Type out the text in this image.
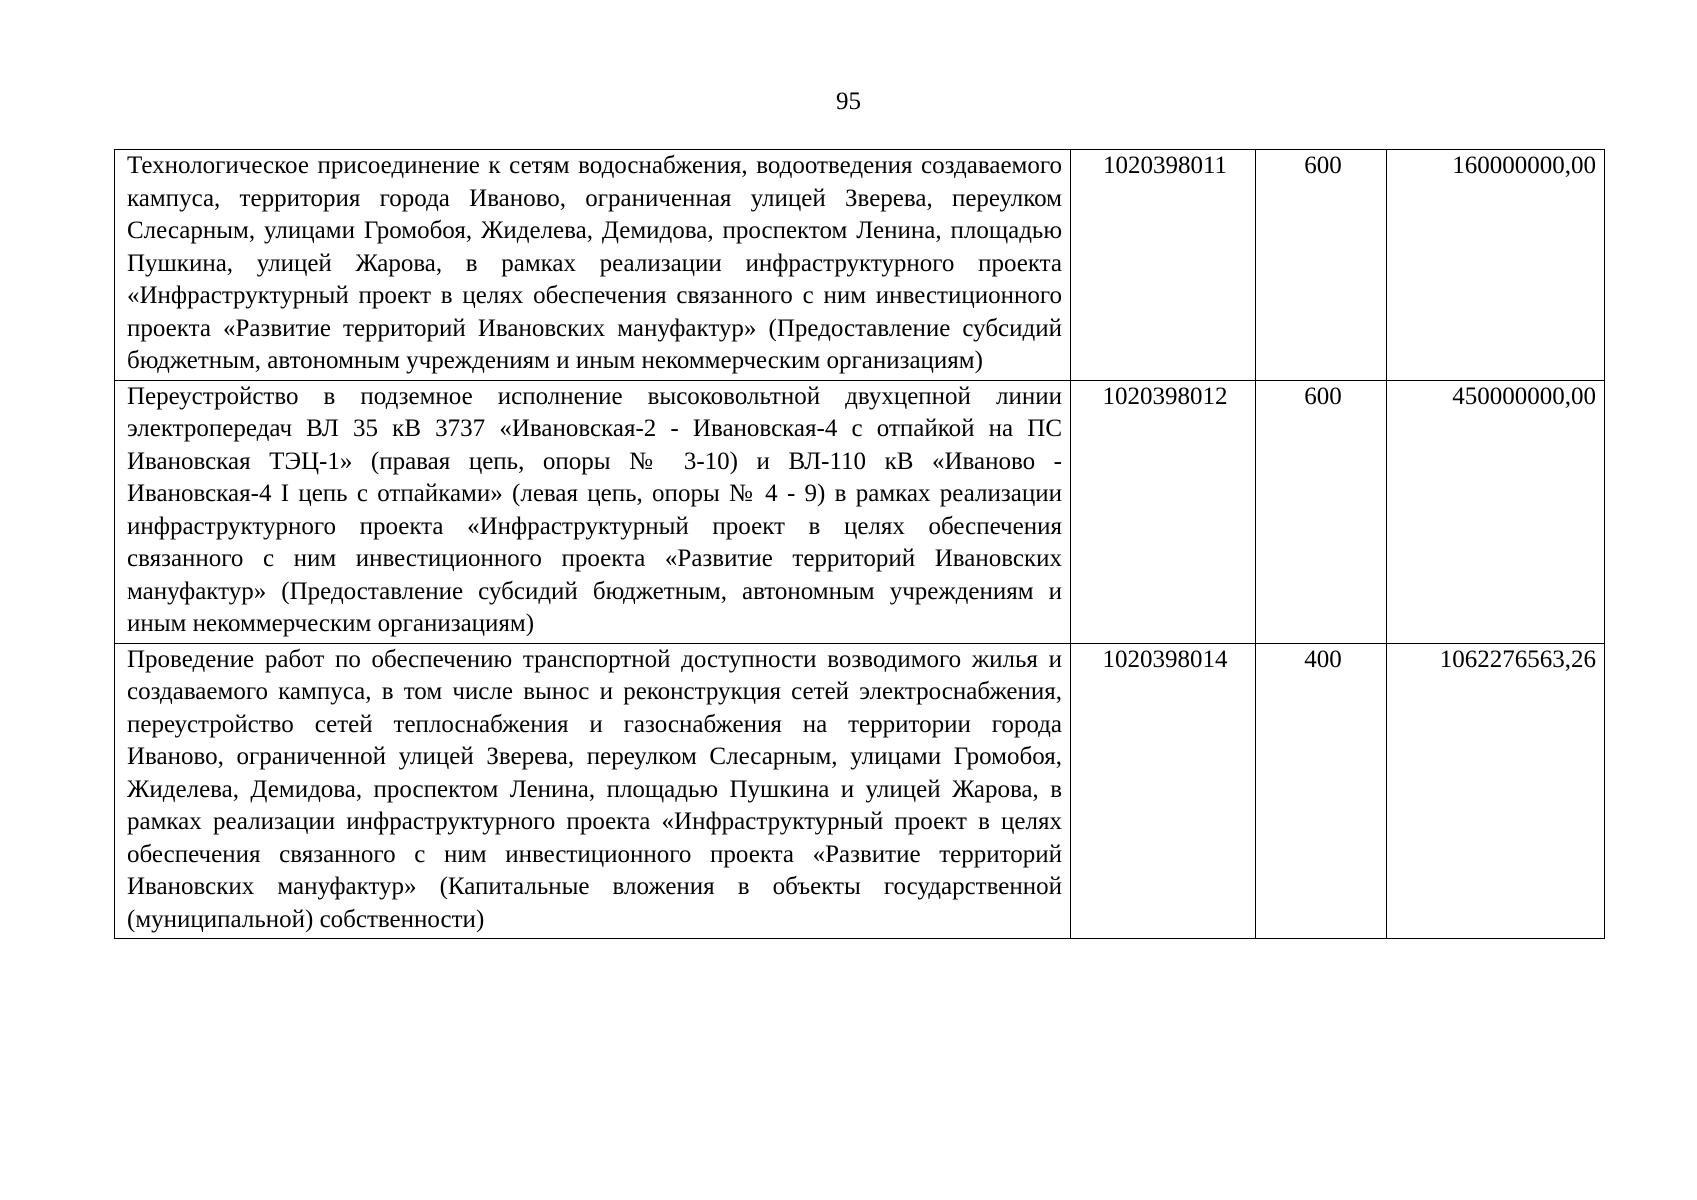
95
Технологическое присоединение к сетям водоснабжения, водоотведения создаваемого кампуса, территория города Иваново, ограниченная улицей Зверева, переулком Слесарным, улицами Громобоя, Жиделева, Демидова, проспектом Ленина, площадью Пушкина, улицей Жарова, в рамках реализации инфраструктурного проекта «Инфраструктурный проект в целях обеспечения связанного с ним инвестиционного проекта «Развитие территорий Ивановских мануфактур» (Предоставление субсидий бюджетным, автономным учреждениям и иным некоммерческим организациям)	1020398011	600	160000000,00
Переустройство в подземное исполнение высоковольтной двухцепной линии электропередач ВЛ 35 кВ 3737 «Ивановская-2 - Ивановская-4 с отпайкой на ПС Ивановская ТЭЦ-1» (правая цепь, опоры № 3-10) и ВЛ-110 кВ «Иваново - Ивановская-4 I цепь с отпайками» (левая цепь, опоры № 4 - 9) в рамках реализации инфраструктурного проекта «Инфраструктурный проект в целях обеспечения связанного с ним инвестиционного проекта «Развитие территорий Ивановских мануфактур» (Предоставление субсидий бюджетным, автономным учреждениям и иным некоммерческим организациям)	1020398012	600	450000000,00
Проведение работ по обеспечению транспортной доступности возводимого жилья и создаваемого кампуса, в том числе вынос и реконструкция сетей электроснабжения, переустройство сетей теплоснабжения и газоснабжения на территории города Иваново, ограниченной улицей Зверева, переулком Слесарным, улицами Громобоя, Жиделева, Демидова, проспектом Ленина, площадью Пушкина и улицей Жарова, в рамках реализации инфраструктурного проекта «Инфраструктурный проект в целях обеспечения связанного с ним инвестиционного проекта «Развитие территорий Ивановских мануфактур» (Капитальные вложения в объекты государственной (муниципальной) собственности)	1020398014	400	1062276563,26
